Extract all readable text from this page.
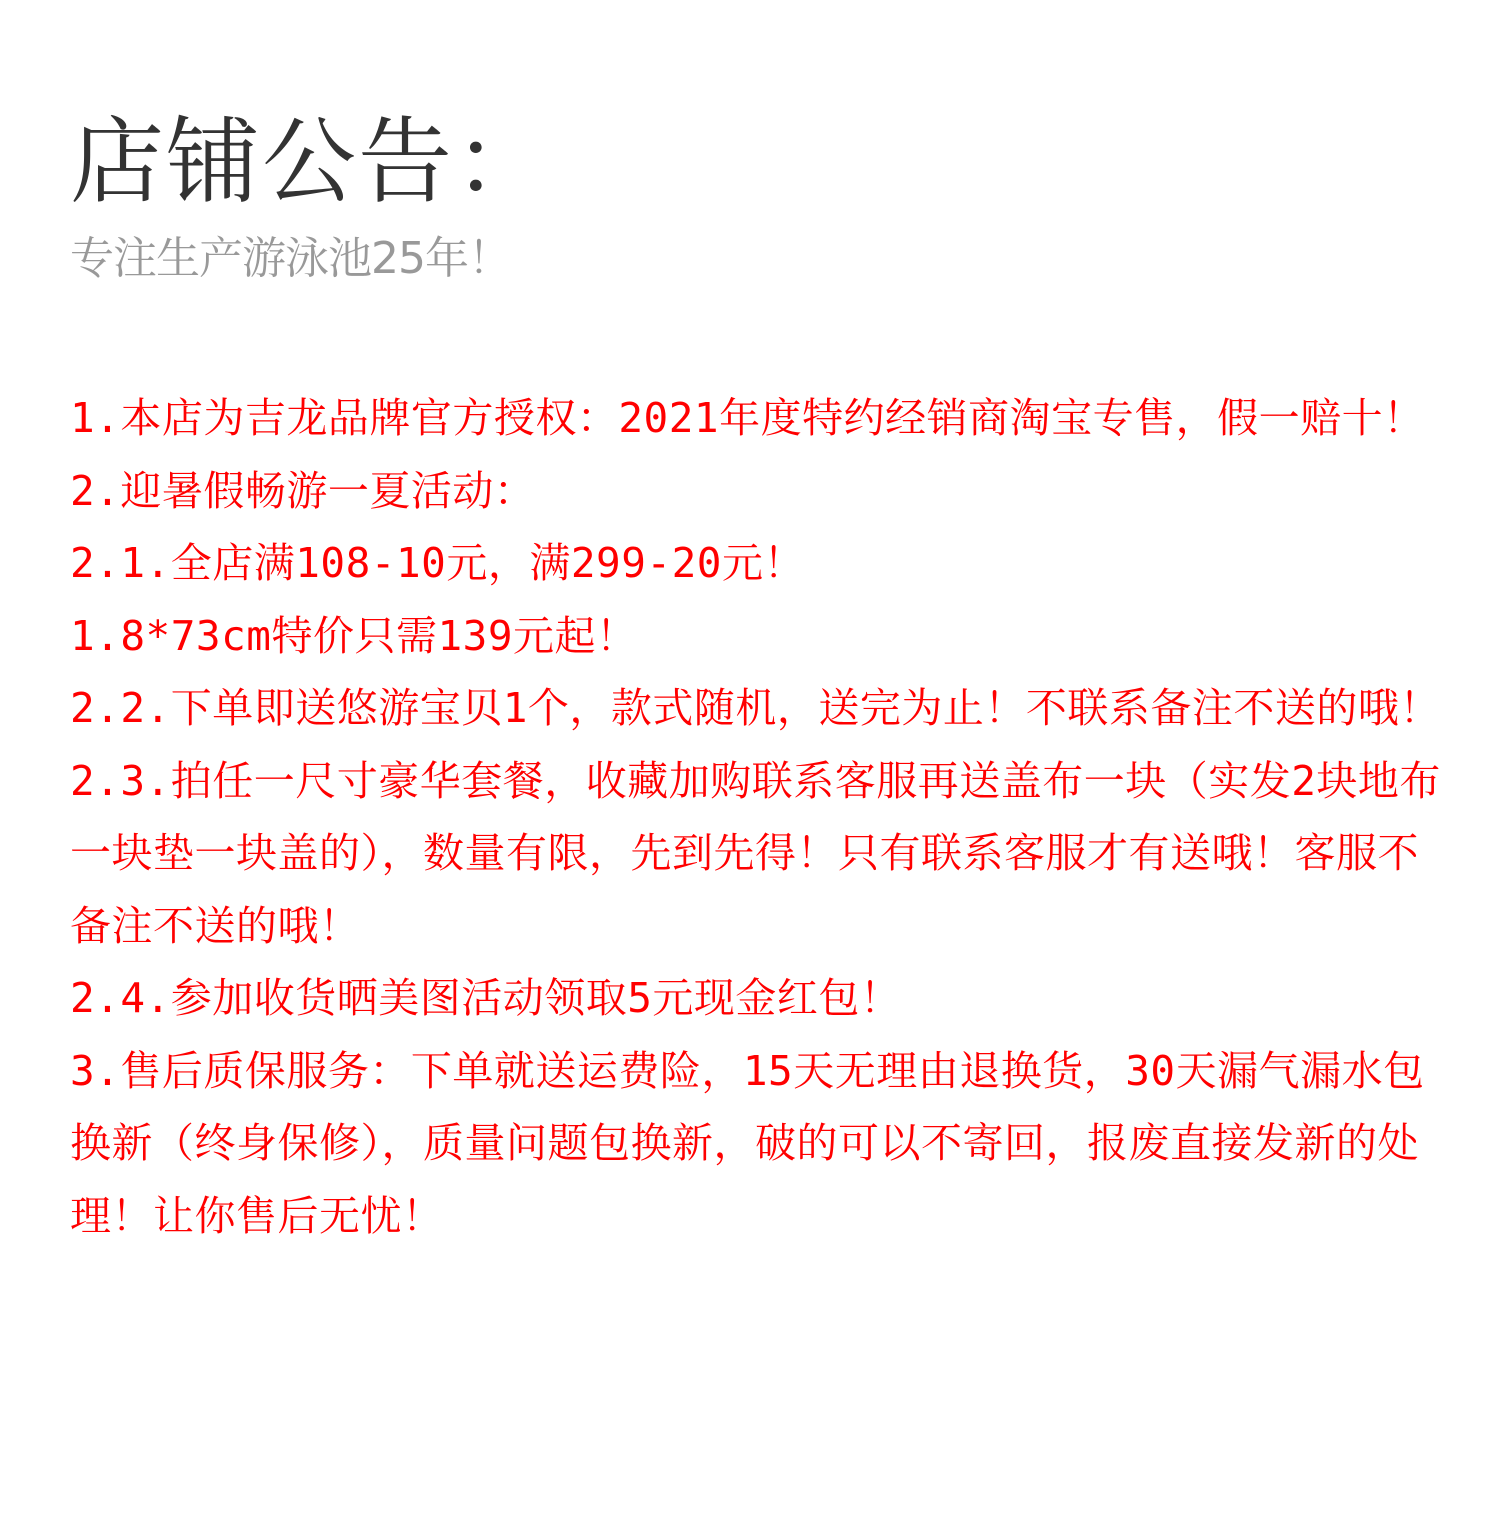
店铺公告：

专注生产游泳池25年！

1.本店为吉龙品牌官方授权：2021年度特约经销商淘宝专售，假一赔十！

2.迎暑假畅游一夏活动：

2.1.全店满108-10元，满299-20元！

1.8*73cm特价只需139元起！

2.2.下单即送悠游宝贝1个，款式随机，送完为止！不联系备注不送的哦！

2.3.拍任一尺寸豪华套餐，收藏加购联系客服再送盖布一块（实发2块地布一块垫一块盖的），数量有限，先到先得！只有联系客服才有送哦！客服不备注不送的哦！

2.4.参加收货晒美图活动领取5元现金红包！

3.售后质保服务：下单就送运费险，15天无理由退换货，30天漏气漏水包换新（终身保修），质量问题包换新，破的可以不寄回，报废直接发新的处理！让你售后无忧！
